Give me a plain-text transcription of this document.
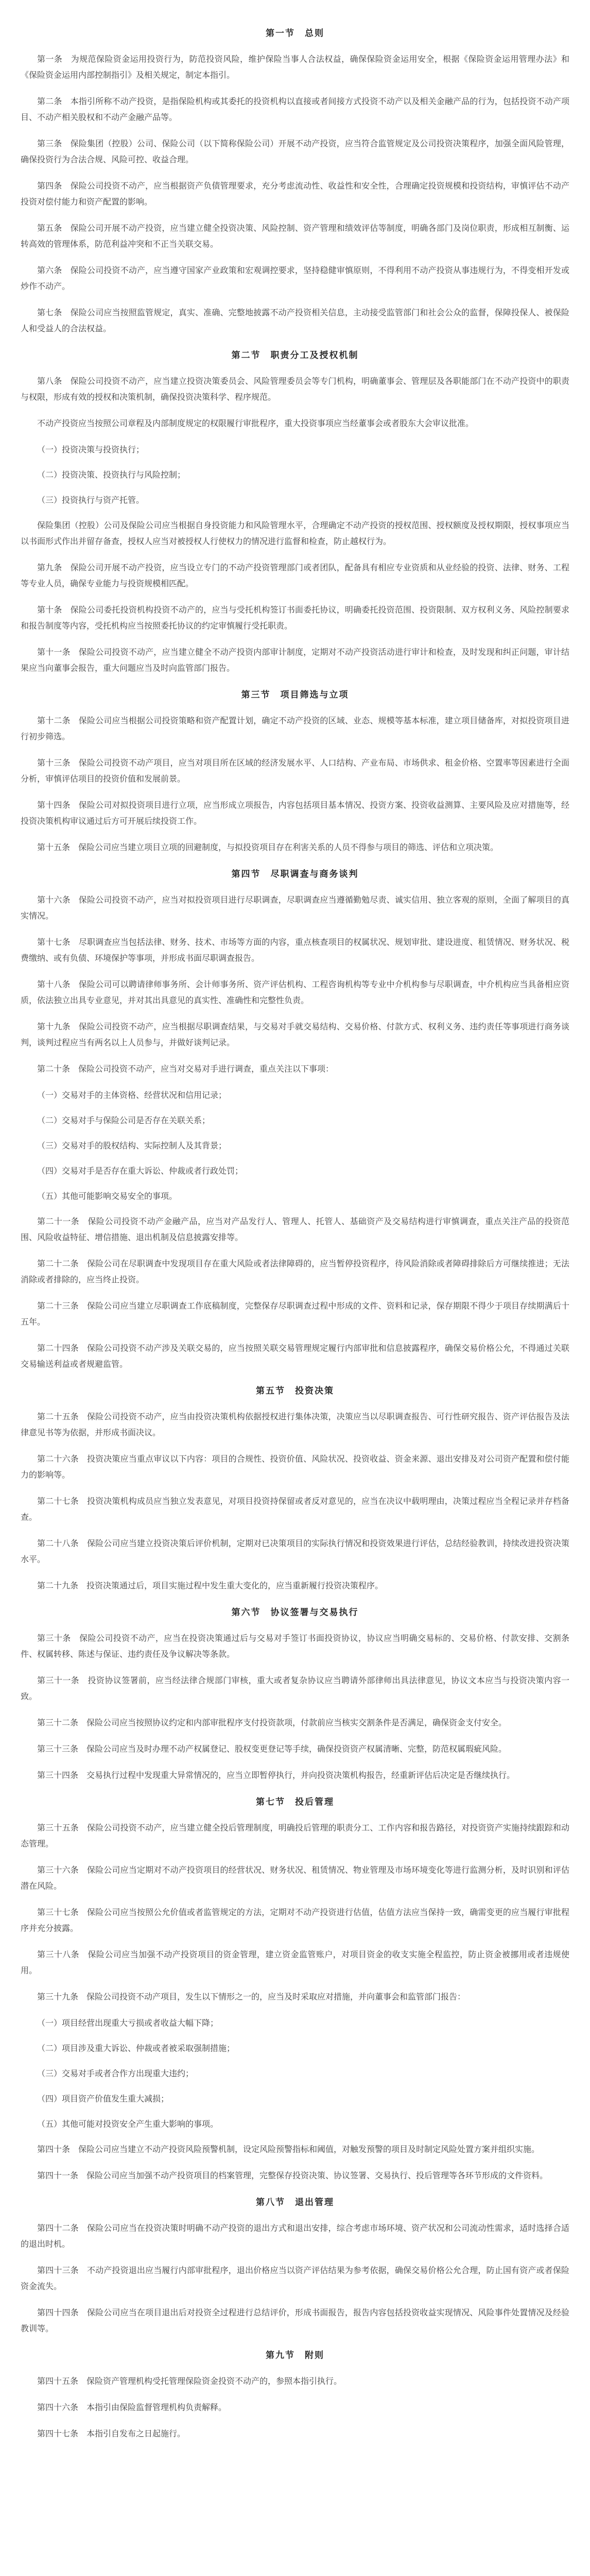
第一节　总则

第一条　为规范保险资金运用投资行为，防范投资风险，维护保险当事人合法权益，确保保险资金运用安全，根据《保险资金运用管理办法》和《保险资金运用内部控制指引》及相关规定，制定本指引。

第二条　本指引所称不动产投资，是指保险机构或其委托的投资机构以直接或者间接方式投资不动产以及相关金融产品的行为，包括投资不动产项目、不动产相关股权和不动产金融产品等。

第三条　保险集团（控股）公司、保险公司（以下简称保险公司）开展不动产投资，应当符合监管规定及公司投资决策程序，加强全面风险管理，确保投资行为合法合规、风险可控、收益合理。

第四条　保险公司投资不动产，应当根据资产负债管理要求，充分考虑流动性、收益性和安全性，合理确定投资规模和投资结构，审慎评估不动产投资对偿付能力和资产配置的影响。

第五条　保险公司开展不动产投资，应当建立健全投资决策、风险控制、资产管理和绩效评估等制度，明确各部门及岗位职责，形成相互制衡、运转高效的管理体系，防范利益冲突和不正当关联交易。

第六条　保险公司投资不动产，应当遵守国家产业政策和宏观调控要求，坚持稳健审慎原则，不得利用不动产投资从事违规行为，不得变相开发或炒作不动产。

第七条　保险公司应当按照监管规定，真实、准确、完整地披露不动产投资相关信息，主动接受监管部门和社会公众的监督，保障投保人、被保险人和受益人的合法权益。

第二节　职责分工及授权机制

第八条　保险公司投资不动产，应当建立投资决策委员会、风险管理委员会等专门机构，明确董事会、管理层及各职能部门在不动产投资中的职责与权限，形成有效的授权和决策机制，确保投资决策科学、程序规范。

不动产投资应当按照公司章程及内部制度规定的权限履行审批程序，重大投资事项应当经董事会或者股东大会审议批准。

（一）投资决策与投资执行；

（二）投资决策、投资执行与风险控制；

（三）投资执行与资产托管。

保险集团（控股）公司及保险公司应当根据自身投资能力和风险管理水平，合理确定不动产投资的授权范围、授权额度及授权期限，授权事项应当以书面形式作出并留存备查，授权人应当对被授权人行使权力的情况进行监督和检查，防止越权行为。

第九条　保险公司开展不动产投资，应当设立专门的不动产投资管理部门或者团队，配备具有相应专业资质和从业经验的投资、法律、财务、工程等专业人员，确保专业能力与投资规模相匹配。

第十条　保险公司委托投资机构投资不动产的，应当与受托机构签订书面委托协议，明确委托投资范围、投资限制、双方权利义务、风险控制要求和报告制度等内容，受托机构应当按照委托协议的约定审慎履行受托职责。

第十一条　保险公司投资不动产，应当建立健全不动产投资内部审计制度，定期对不动产投资活动进行审计和检查，及时发现和纠正问题，审计结果应当向董事会报告，重大问题应当及时向监管部门报告。

第三节　项目筛选与立项

第十二条　保险公司应当根据公司投资策略和资产配置计划，确定不动产投资的区域、业态、规模等基本标准，建立项目储备库，对拟投资项目进行初步筛选。

第十三条　保险公司投资不动产项目，应当对项目所在区域的经济发展水平、人口结构、产业布局、市场供求、租金价格、空置率等因素进行全面分析，审慎评估项目的投资价值和发展前景。

第十四条　保险公司对拟投资项目进行立项，应当形成立项报告，内容包括项目基本情况、投资方案、投资收益测算、主要风险及应对措施等，经投资决策机构审议通过后方可开展后续投资工作。

第十五条　保险公司应当建立项目立项的回避制度，与拟投资项目存在利害关系的人员不得参与项目的筛选、评估和立项决策。

第四节　尽职调查与商务谈判

第十六条　保险公司投资不动产，应当对拟投资项目进行尽职调查，尽职调查应当遵循勤勉尽责、诚实信用、独立客观的原则，全面了解项目的真实情况。

第十七条　尽职调查应当包括法律、财务、技术、市场等方面的内容，重点核查项目的权属状况、规划审批、建设进度、租赁情况、财务状况、税费缴纳、或有负债、环境保护等事项，并形成书面尽职调查报告。

第十八条　保险公司可以聘请律师事务所、会计师事务所、资产评估机构、工程咨询机构等专业中介机构参与尽职调查，中介机构应当具备相应资质，依法独立出具专业意见，并对其出具意见的真实性、准确性和完整性负责。

第十九条　保险公司投资不动产，应当根据尽职调查结果，与交易对手就交易结构、交易价格、付款方式、权利义务、违约责任等事项进行商务谈判，谈判过程应当有两名以上人员参与，并做好谈判记录。

第二十条　保险公司投资不动产，应当对交易对手进行调查，重点关注以下事项：

（一）交易对手的主体资格、经营状况和信用记录；

（二）交易对手与保险公司是否存在关联关系；

（三）交易对手的股权结构、实际控制人及其背景；

（四）交易对手是否存在重大诉讼、仲裁或者行政处罚；

（五）其他可能影响交易安全的事项。

第二十一条　保险公司投资不动产金融产品，应当对产品发行人、管理人、托管人、基础资产及交易结构进行审慎调查，重点关注产品的投资范围、风险收益特征、增信措施、退出机制及信息披露安排等。

第二十二条　保险公司在尽职调查中发现项目存在重大风险或者法律障碍的，应当暂停投资程序，待风险消除或者障碍排除后方可继续推进；无法消除或者排除的，应当终止投资。

第二十三条　保险公司应当建立尽职调查工作底稿制度，完整保存尽职调查过程中形成的文件、资料和记录，保存期限不得少于项目存续期满后十五年。

第二十四条　保险公司投资不动产涉及关联交易的，应当按照关联交易管理规定履行内部审批和信息披露程序，确保交易价格公允，不得通过关联交易输送利益或者规避监管。

第五节　投资决策

第二十五条　保险公司投资不动产，应当由投资决策机构依据授权进行集体决策，决策应当以尽职调查报告、可行性研究报告、资产评估报告及法律意见书等为依据，并形成书面决议。

第二十六条　投资决策应当重点审议以下内容：项目的合规性、投资价值、风险状况、投资收益、资金来源、退出安排及对公司资产配置和偿付能力的影响等。

第二十七条　投资决策机构成员应当独立发表意见，对项目投资持保留或者反对意见的，应当在决议中载明理由，决策过程应当全程记录并存档备查。

第二十八条　保险公司应当建立投资决策后评价机制，定期对已决策项目的实际执行情况和投资效果进行评估，总结经验教训，持续改进投资决策水平。

第二十九条　投资决策通过后，项目实施过程中发生重大变化的，应当重新履行投资决策程序。

第六节　协议签署与交易执行

第三十条　保险公司投资不动产，应当在投资决策通过后与交易对手签订书面投资协议，协议应当明确交易标的、交易价格、付款安排、交割条件、权属转移、陈述与保证、违约责任及争议解决等条款。

第三十一条　投资协议签署前，应当经法律合规部门审核，重大或者复杂协议应当聘请外部律师出具法律意见，协议文本应当与投资决策内容一致。

第三十二条　保险公司应当按照协议约定和内部审批程序支付投资款项，付款前应当核实交割条件是否满足，确保资金支付安全。

第三十三条　保险公司应当及时办理不动产权属登记、股权变更登记等手续，确保投资资产权属清晰、完整，防范权属瑕疵风险。

第三十四条　交易执行过程中发现重大异常情况的，应当立即暂停执行，并向投资决策机构报告，经重新评估后决定是否继续执行。

第七节　投后管理

第三十五条　保险公司投资不动产，应当建立健全投后管理制度，明确投后管理的职责分工、工作内容和报告路径，对投资资产实施持续跟踪和动态管理。

第三十六条　保险公司应当定期对不动产投资项目的经营状况、财务状况、租赁情况、物业管理及市场环境变化等进行监测分析，及时识别和评估潜在风险。

第三十七条　保险公司应当按照公允价值或者监管规定的方法，定期对不动产投资进行估值，估值方法应当保持一致，确需变更的应当履行审批程序并充分披露。

第三十八条　保险公司应当加强不动产投资项目的资金管理，建立资金监管账户，对项目资金的收支实施全程监控，防止资金被挪用或者违规使用。

第三十九条　保险公司投资不动产项目，发生以下情形之一的，应当及时采取应对措施，并向董事会和监管部门报告：

（一）项目经营出现重大亏损或者收益大幅下降；

（二）项目涉及重大诉讼、仲裁或者被采取强制措施；

（三）交易对手或者合作方出现重大违约；

（四）项目资产价值发生重大减损；

（五）其他可能对投资安全产生重大影响的事项。

第四十条　保险公司应当建立不动产投资风险预警机制，设定风险预警指标和阈值，对触发预警的项目及时制定风险处置方案并组织实施。

第四十一条　保险公司应当加强不动产投资项目的档案管理，完整保存投资决策、协议签署、交易执行、投后管理等各环节形成的文件资料。

第八节　退出管理

第四十二条　保险公司应当在投资决策时明确不动产投资的退出方式和退出安排，综合考虑市场环境、资产状况和公司流动性需求，适时选择合适的退出时机。

第四十三条　不动产投资退出应当履行内部审批程序，退出价格应当以资产评估结果为参考依据，确保交易价格公允合理，防止国有资产或者保险资金流失。

第四十四条　保险公司应当在项目退出后对投资全过程进行总结评价，形成书面报告，报告内容包括投资收益实现情况、风险事件处置情况及经验教训等。

第九节　附则

第四十五条　保险资产管理机构受托管理保险资金投资不动产的，参照本指引执行。

第四十六条　本指引由保险监督管理机构负责解释。

第四十七条　本指引自发布之日起施行。
